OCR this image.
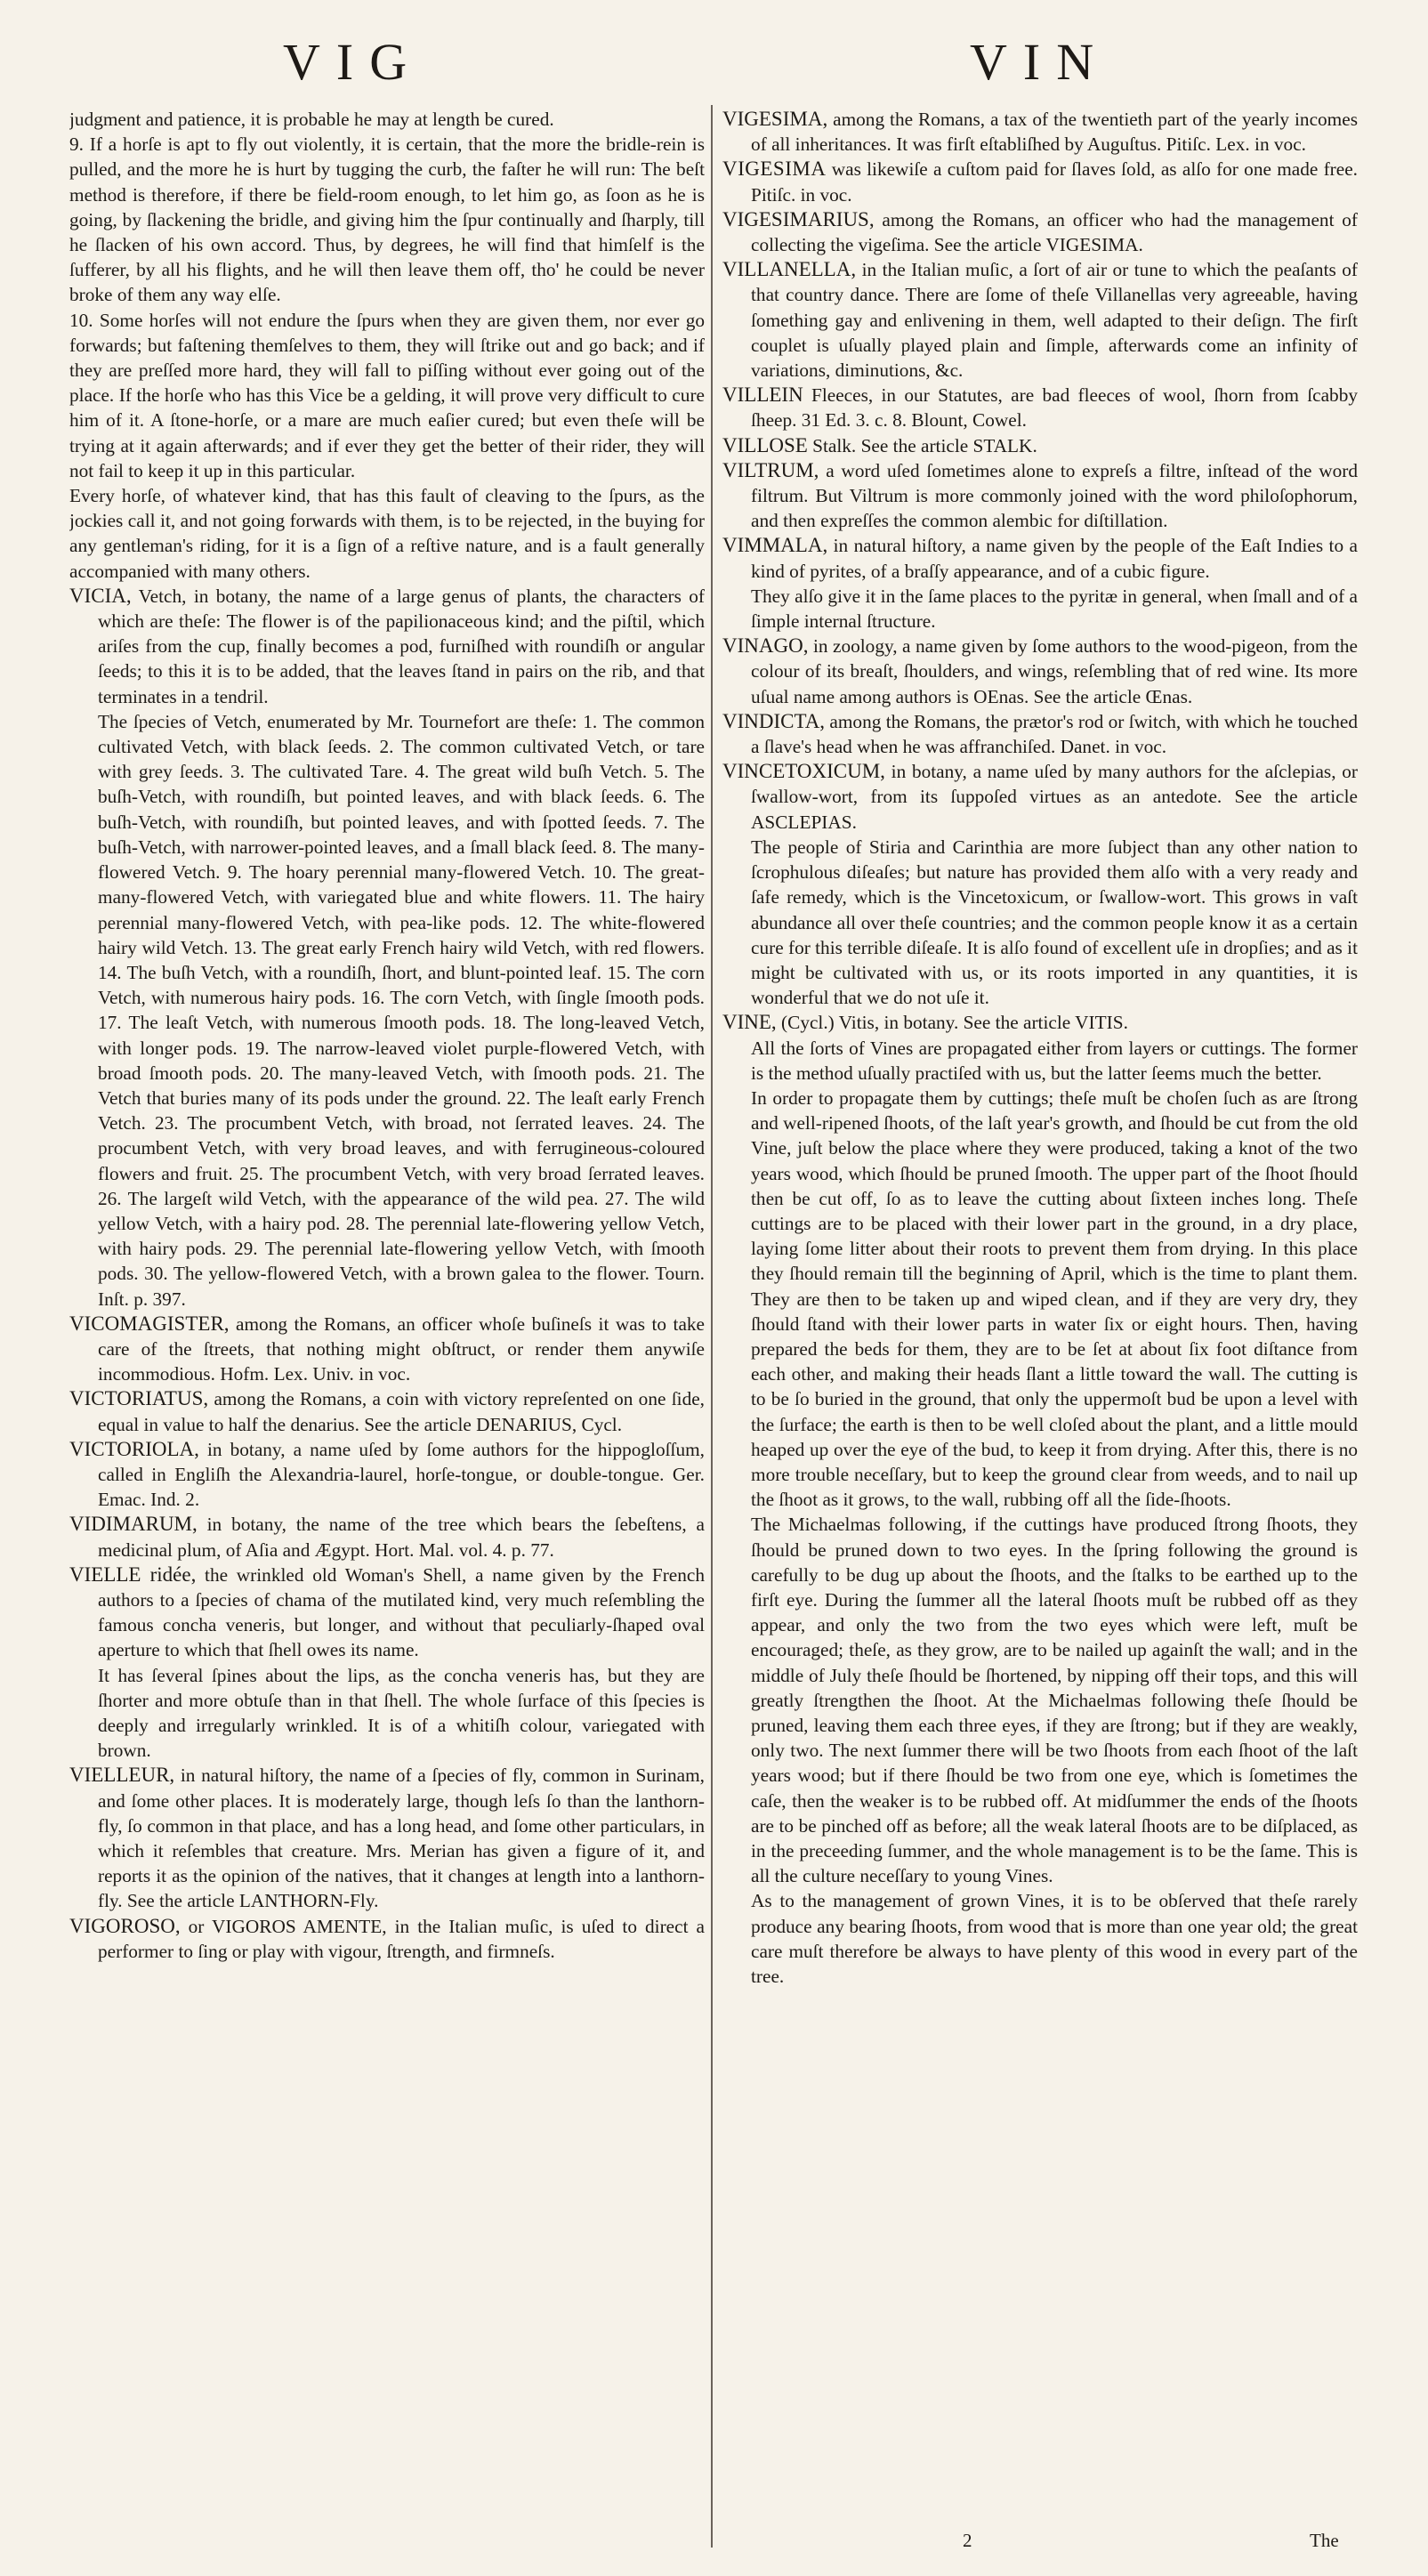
VIG	VIN

judgment and patience, it is probable he may at length be cured.

9. If a horſe is apt to fly out violently, it is certain, that the more the bridle-rein is pulled, and the more he is hurt by tugging the curb, the faſter he will run: The beſt method is therefore, if there be field-room enough, to let him go, as ſoon as he is going, by ſlackening the bridle, and giving him the ſpur continually and ſharply, till he ſlacken of his own accord. Thus, by degrees, he will find that himſelf is the ſufferer, by all his flights, and he will then leave them off, tho' he could be never broke of them any way elſe.

10. Some horſes will not endure the ſpurs when they are given them, nor ever go forwards; but faſtening themſelves to them, they will ſtrike out and go back; and if they are preſſed more hard, they will fall to piſſing without ever going out of the place. If the horſe who has this Vice be a gelding, it will prove very difficult to cure him of it. A ſtone-horſe, or a mare are much eaſier cured; but even theſe will be trying at it again afterwards; and if ever they get the better of their rider, they will not fail to keep it up in this particular.

Every horſe, of whatever kind, that has this fault of cleaving to the ſpurs, as the jockies call it, and not going forwards with them, is to be rejected, in the buying for any gentleman's riding, for it is a ſign of a reſtive nature, and is a fault generally accompanied with many others.

VICIA, Vetch, in botany, the name of a large genus of plants, the characters of which are theſe: The flower is of the papilionaceous kind; and the piſtil, which ariſes from the cup, finally becomes a pod, furniſhed with roundiſh or angular ſeeds; to this it is to be added, that the leaves ſtand in pairs on the rib, and that terminates in a tendril.

The ſpecies of Vetch, enumerated by Mr. Tournefort are theſe: 1. The common cultivated Vetch, with black ſeeds. 2. The common cultivated Vetch, or tare with grey ſeeds. 3. The cultivated Tare. 4. The great wild buſh Vetch. 5. The buſh-Vetch, with roundiſh, but pointed leaves, and with black ſeeds. 6. The buſh-Vetch, with roundiſh, but pointed leaves, and with ſpotted ſeeds. 7. The buſh-Vetch, with narrower-pointed leaves, and a ſmall black ſeed. 8. The many-flowered Vetch. 9. The hoary perennial many-flowered Vetch. 10. The great-many-flowered Vetch, with variegated blue and white flowers. 11. The hairy perennial many-flowered Vetch, with pea-like pods. 12. The white-flowered hairy wild Vetch. 13. The great early French hairy wild Vetch, with red flowers. 14. The buſh Vetch, with a roundiſh, ſhort, and blunt-pointed leaf. 15. The corn Vetch, with numerous hairy pods. 16. The corn Vetch, with ſingle ſmooth pods. 17. The leaſt Vetch, with numerous ſmooth pods. 18. The long-leaved Vetch, with longer pods. 19. The narrow-leaved violet purple-flowered Vetch, with broad ſmooth pods. 20. The many-leaved Vetch, with ſmooth pods. 21. The Vetch that buries many of its pods under the ground. 22. The leaſt early French Vetch. 23. The procumbent Vetch, with broad, not ſerrated leaves. 24. The procumbent Vetch, with very broad leaves, and with ferrugineous-coloured flowers and fruit. 25. The procumbent Vetch, with very broad ſerrated leaves. 26. The largeſt wild Vetch, with the appearance of the wild pea. 27. The wild yellow Vetch, with a hairy pod. 28. The perennial late-flowering yellow Vetch, with hairy pods. 29. The perennial late-flowering yellow Vetch, with ſmooth pods. 30. The yellow-flowered Vetch, with a brown galea to the flower. Tourn. Inſt. p. 397.

VICOMAGISTER, among the Romans, an officer whoſe buſineſs it was to take care of the ſtreets, that nothing might obſtruct, or render them anywiſe incommodious. Hofm. Lex. Univ. in voc.

VICTORIATUS, among the Romans, a coin with victory repreſented on one ſide, equal in value to half the denarius. See the article DENARIUS, Cycl.

VICTORIOLA, in botany, a name uſed by ſome authors for the hippogloſſum, called in Engliſh the Alexandria-laurel, horſe-tongue, or double-tongue. Ger. Emac. Ind. 2.

VIDIMARUM, in botany, the name of the tree which bears the ſebeſtens, a medicinal plum, of Aſia and Ægypt. Hort. Mal. vol. 4. p. 77.

VIELLE ridée, the wrinkled old Woman's Shell, a name given by the French authors to a ſpecies of chama of the mutilated kind, very much reſembling the famous concha veneris, but longer, and without that peculiarly-ſhaped oval aperture to which that ſhell owes its name.

It has ſeveral ſpines about the lips, as the concha veneris has, but they are ſhorter and more obtuſe than in that ſhell. The whole ſurface of this ſpecies is deeply and irregularly wrinkled. It is of a whitiſh colour, variegated with brown.

VIELLEUR, in natural hiſtory, the name of a ſpecies of fly, common in Surinam, and ſome other places. It is moderately large, though leſs ſo than the lanthorn-fly, ſo common in that place, and has a long head, and ſome other particulars, in which it reſembles that creature. Mrs. Merian has given a figure of it, and reports it as the opinion of the natives, that it changes at length into a lanthorn-fly. See the article LANTHORN-Fly.

VIGOROSO, or VIGOROS AMENTE, in the Italian muſic, is uſed to direct a performer to ſing or play with vigour, ſtrength, and firmneſs.

VIGESIMA, among the Romans, a tax of the twentieth part of the yearly incomes of all inheritances. It was firſt eſtabliſhed by Auguſtus. Pitiſc. Lex. in voc.

VIGESIMA was likewiſe a cuſtom paid for ſlaves ſold, as alſo for one made free. Pitiſc. in voc.

VIGESIMARIUS, among the Romans, an officer who had the management of collecting the vigeſima. See the article VIGESIMA.

VILLANELLA, in the Italian muſic, a ſort of air or tune to which the peaſants of that country dance. There are ſome of theſe Villanellas very agreeable, having ſomething gay and enlivening in them, well adapted to their deſign. The firſt couplet is uſually played plain and ſimple, afterwards come an infinity of variations, diminutions, &c.

VILLEIN Fleeces, in our Statutes, are bad fleeces of wool, ſhorn from ſcabby ſheep. 31 Ed. 3. c. 8. Blount, Cowel.

VILLOSE Stalk. See the article STALK.

VILTRUM, a word uſed ſometimes alone to expreſs a filtre, inſtead of the word filtrum. But Viltrum is more commonly joined with the word philoſophorum, and then expreſſes the common alembic for diſtillation.

VIMMALA, in natural hiſtory, a name given by the people of the Eaſt Indies to a kind of pyrites, of a braſſy appearance, and of a cubic figure.

They alſo give it in the ſame places to the pyritæ in general, when ſmall and of a ſimple internal ſtructure.

VINAGO, in zoology, a name given by ſome authors to the wood-pigeon, from the colour of its breaſt, ſhoulders, and wings, reſembling that of red wine. Its more uſual name among authors is OEnas. See the article Œnas.

VINDICTA, among the Romans, the prætor's rod or ſwitch, with which he touched a ſlave's head when he was affranchiſed. Danet. in voc.

VINCETOXICUM, in botany, a name uſed by many authors for the aſclepias, or ſwallow-wort, from its ſuppoſed virtues as an antedote. See the article ASCLEPIAS.

The people of Stiria and Carinthia are more ſubject than any other nation to ſcrophulous diſeaſes; but nature has provided them alſo with a very ready and ſafe remedy, which is the Vincetoxicum, or ſwallow-wort. This grows in vaſt abundance all over theſe countries; and the common people know it as a certain cure for this terrible diſeaſe. It is alſo found of excellent uſe in dropſies; and as it might be cultivated with us, or its roots imported in any quantities, it is wonderful that we do not uſe it.

VINE, (Cycl.) Vitis, in botany. See the article VITIS.

All the ſorts of Vines are propagated either from layers or cuttings. The former is the method uſually practiſed with us, but the latter ſeems much the better.

In order to propagate them by cuttings; theſe muſt be choſen ſuch as are ſtrong and well-ripened ſhoots, of the laſt year's growth, and ſhould be cut from the old Vine, juſt below the place where they were produced, taking a knot of the two years wood, which ſhould be pruned ſmooth. The upper part of the ſhoot ſhould then be cut off, ſo as to leave the cutting about ſixteen inches long. Theſe cuttings are to be placed with their lower part in the ground, in a dry place, laying ſome litter about their roots to prevent them from drying. In this place they ſhould remain till the beginning of April, which is the time to plant them. They are then to be taken up and wiped clean, and if they are very dry, they ſhould ſtand with their lower parts in water ſix or eight hours. Then, having prepared the beds for them, they are to be ſet at about ſix foot diſtance from each other, and making their heads ſlant a little toward the wall. The cutting is to be ſo buried in the ground, that only the uppermoſt bud be upon a level with the ſurface; the earth is then to be well cloſed about the plant, and a little mould heaped up over the eye of the bud, to keep it from drying. After this, there is no more trouble neceſſary, but to keep the ground clear from weeds, and to nail up the ſhoot as it grows, to the wall, rubbing off all the ſide-ſhoots.

The Michaelmas following, if the cuttings have produced ſtrong ſhoots, they ſhould be pruned down to two eyes. In the ſpring following the ground is carefully to be dug up about the ſhoots, and the ſtalks to be earthed up to the firſt eye. During the ſummer all the lateral ſhoots muſt be rubbed off as they appear, and only the two from the two eyes which were left, muſt be encouraged; theſe, as they grow, are to be nailed up againſt the wall; and in the middle of July theſe ſhould be ſhortened, by nipping off their tops, and this will greatly ſtrengthen the ſhoot. At the Michaelmas following theſe ſhould be pruned, leaving them each three eyes, if they are ſtrong; but if they are weakly, only two. The next ſummer there will be two ſhoots from each ſhoot of the laſt years wood; but if there ſhould be two from one eye, which is ſometimes the caſe, then the weaker is to be rubbed off. At midſummer the ends of the ſhoots are to be pinched off as before; all the weak lateral ſhoots are to be diſplaced, as in the preceeding ſummer, and the whole management is to be the ſame. This is all the culture neceſſary to young Vines.

As to the management of grown Vines, it is to be obſerved that theſe rarely produce any bearing ſhoots, from wood that is more than one year old; the great care muſt therefore be always to have plenty of this wood in every part of the tree.

2	The
